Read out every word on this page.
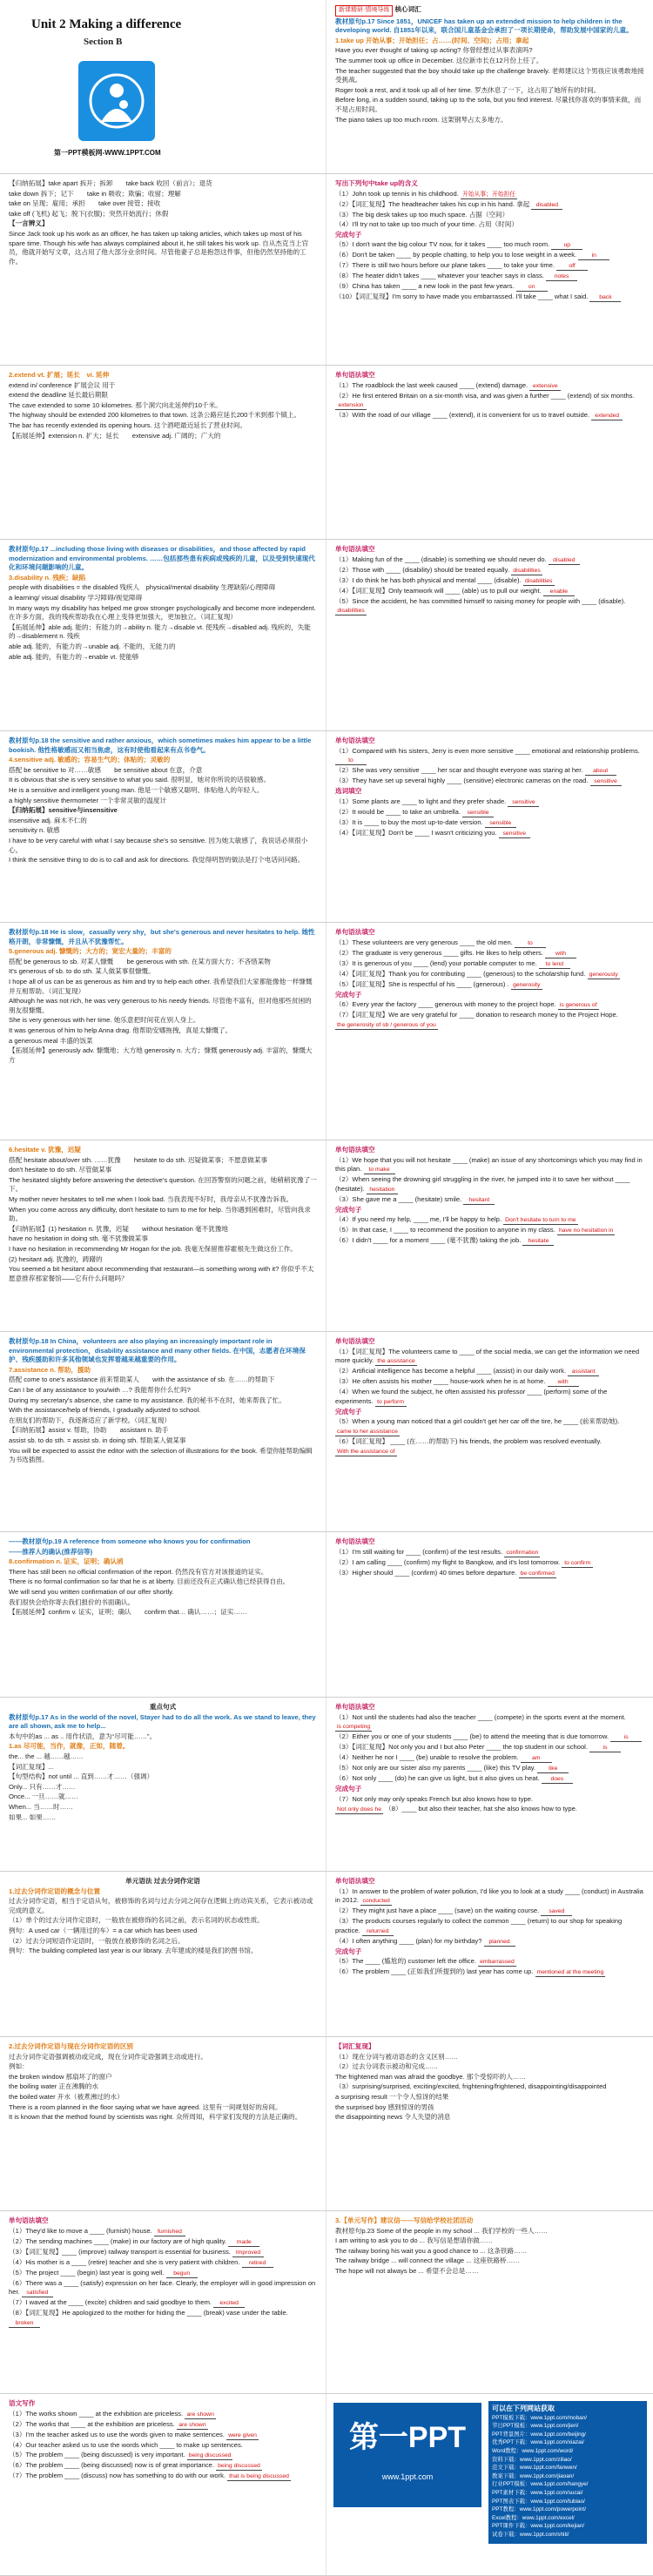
Unit 2 Making a difference
Section B
第一PPT模板网-WWW.1PPT.COM

新课精研·情境导练 核心词汇

教材原句p.17 Since 1851，UNICEF has taken up an extended mission to help children in the developing world. 自1851年以来，联合国儿童基金会承担了一项长期使命，帮助发展中国家的儿童。

1.take up 开始从事；开始担任；占……(时间、空间)；占用；拿起

Have you ever thought of taking up acting? 你曾经想过从事表演吗?

The summer took up office in December. 这位新市长在12月份上任了。

The teacher suggested that the boy should take up the challenge bravely. 老师建议这个男孩应该勇敢地接受挑战。

Roger took a rest, and it took up all of her time. 罗杰休息了一下，这占用了她所有的时间。

Before long, in a sudden sound, taking up to the sofa, but you find interest. 尽量找你喜欢的事情来做，而不是占用时间。

The piano takes up too much room. 这架钢琴占太多地方。

【归纳拓展】take apart 拆开；拆卸　　take back 收回（前言）；退货

take down 拆下；记下　　take in 吸收；欺骗；收留；理解

take on 呈现；雇用；承担　　take over 接管；接收

take off (飞机) 起飞；脱下(衣服)；突然开始流行；休假

【一言辨义】

Since Jack took up his work as an officer, he has taken up taking articles, which takes up most of his spare time. Though his wife has always complained about it, he still takes his work up. 自从杰克当上官员，他就开始写文章，这占用了他大部分业余时间。尽管他妻子总是抱怨这件事，但他仍然坚持他的工作。

写出下列句中take up的含义

（1）John took up tennis in his childhood. 开始从事；开始担任

（2）【词汇复现】The headteacher takes his cup in his hand. 拿起 disabled

（3）The big desk takes up too much space. 占据（空间）

（4）I'll try not to take up too much of your time. 占用（时间）

完成句子

（5）I don't want the big colour TV now, for it takes ____ too much room. up

（6）Don't be taken ____ by people chatting, to help you to lose weight in a week.	in

（7）There is still two hours before our plane takes ____ to take your time. off

（8）The heater didn't takes ____ whatever your teacher says in class. notes

（9）China has taken ____ a new look in the past few years. on

（10）【词汇复现】I'm sorry to have made you embarrassed. I'll take ____ what I said. back

2.extend vt. 扩展；延长　vi. 延伸

extend in/ conference 扩展会议 用于

extend the deadline 延长最后期限

The cave extended to some 10 kilometres. 那个洞穴向北延伸约10千米。

The highway should be extended 200 kilometres to that town. 这条公路应延长200千米到那个镇上。

The bar has recently extended its opening hours. 这个酒吧最近延长了营业时间。

【拓展延伸】extension n. 扩大；延长　　extensive adj. 广阔的；广大的

单句语法填空

（1）The roadblock the last week caused ____ (extend) damage. extensive

（2）He first entered Britain on a six-month visa, and was given a further ____ (extend) of six months. extension

（3）With the road of our village ____ (extend), it is convenient for us to travel outside. extended

教材原句p.17 ...including those living with diseases or disabilities，and those affected by rapid modernization and environmental problems. ……包括那些患有疾病或残疾的儿童，以及受到快速现代化和环境问题影响的儿童。

3.disability n. 残疾；缺陷

people with disabilities = the disabled 残疾人　physical/mental disability 生理缺陷/心理障碍

a learning/ visual disability 学习障碍/视觉障碍

In many ways my disability has helped me grow stronger psychologically and become more independent. 在许多方面，我的残疾帮助我在心理上变得更加强大，更加独立。（词汇复现）

【拓展延伸】able adj. 能的；有能力的→ability n. 能力→disable vt. 使残疾→disabled adj. 残疾的，失能的→disablement n. 残疾

able adj. 能的，有能力的→unable adj. 不能的，无能力的

able adj. 能的，有能力的→enable vt. 使能够

单句语法填空

（1）Making fun of the ____ (disable) is something we should never do. disabled

（2）Those with ____ (disability) should be treated equally. disabilities

（3）I do think he has both physical and mental ____ (disable). disabilities

（4）【词汇复现】Only teamwork will ____ (able) us to pull our weight. enable

（5）Since the accident, he has committed himself to raising money for people with ____ (disable). disabilities

教材原句p.18 the sensitive and rather anxious，which sometimes makes him appear to be a little bookish. 他性格敏感而又相当焦虑，这有时使他看起来有点书卷气。

4.sensitive adj. 敏感的；容易生气的；体贴的；灵敏的

搭配 be sensitive to 对……敏感　　be sensitive about 在意，介意

It is obvious that she is very sensitive to what you said. 很明显，她对你所说的话很敏感。

He is a sensitive and intelligent young man. 他是一个敏感又聪明、体贴他人的年轻人。

a highly sensitive thermometer 一个非常灵敏的温度计

【归纳拓展】sensitive与insensitive

insensitive adj. 麻木不仁的

sensitivity n. 敏感

I have to be very careful with what I say because she's so sensitive. 因为她太敏感了，我说话必须很小心。

I think the sensitive thing to do is to call and ask for directions. 我觉得明智的做法是打个电话问问路。

单句语法填空

（1）Compared with his sisters, Jerry is even more sensitive ____ emotional and relationship problems. to

（2）She was very sensitive ____ her scar and thought everyone was staring at her. about

（3）They have set up several highly ____ (sensitive) electronic cameras on the road. sensitive

选词填空

（1）Some plants are ____ to light and they prefer shade. sensitive

（2）It would be ____ to take an umbrella. sensible

（3）It is ____ to buy the most up-to-date version. sensible

（4）【词汇复现】Don't be ____ I wasn't criticizing you. sensitive

教材原句p.18 He is slow，casually very shy，but she's generous and never hesitates to help. 她性格开朗，非常慷慨，并且从不犹豫帮忙。

5.generous adj. 慷慨的；大方的；宽宏大量的；丰富的

搭配 be generous to sb. 对某人慷慨　　be generous with sth. 在某方面大方；不吝惜某物

It's generous of sb. to do sth. 某人做某事很慷慨。

I hope all of us can be as generous as him and try to help each other. 我希望我们大家都能像他一样慷慨并互相帮助。（词汇复现）

Although he was not rich, he was very generous to his needy friends. 尽管他不富有，但对他那些贫困的朋友很慷慨。

She is very generous with her time. 她乐意把时间花在别人身上。

It was generous of him to help Anna drag. 他帮助安娜拖拽，真是太慷慨了。

a generous meal 丰盛的饭菜

【拓展延伸】generously adv. 慷慨地；大方地 generosity n. 大方；慷慨 generously adj. 丰富的，慷慨大方

单句语法填空

（1）These volunteers are very generous ____ the old men.	to

（2）The graduate is very generous ____ gifts. He likes to help others. with

（3）It is generous of you ____ (lend) your portable computer to me. to lend

（4）【词汇复现】Thank you for contributing ____ (generous) to the scholarship fund. generously

（5）【词汇复现】She is respectful of his ____ (generous) . generosity

完成句子

（6）Every year the factory ____ generous with money to the project hope. is generous of

（7）【词汇复现】We are very grateful for ____ donation to research money to the Project Hope. the generosity of sb / generous of you

6.hesitate v. 犹豫，迟疑

搭配 hesitate about/over sth. ……犹豫　　hesitate to do sth. 迟疑做某事；不愿意做某事

don't hesitate to do sth. 尽管做某事

The hesitated slightly before answering the detective's question. 在回答警察的问题之前，她稍稍犹豫了一下。

My mother never hesitates to tell me when I look bad. 当我表现不好时，我母亲从不犹豫告诉我。

When you come across any difficulty, don't hesitate to turn to me for help. 当你遇到困难时，尽管向我求助。

【归纳拓展】(1) hesitation n. 犹豫，迟疑　　without hesitation 毫不犹豫地

have no hesitation in doing sth. 毫不犹豫做某事

I have no hesitation in recommending Mr Hogan for the job. 我毫无保留推荐霍根先生做这份工作。

(2) hesitant adj. 犹豫的，踌躇的

You seemed a bit hesitant about recommending that restaurant—is something wrong with it? 你似乎不太愿意推荐那家餐馆——它有什么问题吗？

单句语法填空

（1）We hope that you will not hesitate ____ (make) an issue of any shortcomings which you may find in this plan. to make

（2）When seeing the drowning girl struggling in the river, he jumped into it to save her without ____ (hesitate). hesitation

（3）She gave me a ____ (hesitate) smile. hesitant

完成句子

（4）If you need my help, ____ me, I'll be happy to help. Don't hesitate to turn to me

（5）In that case, I ____ to recommend the position to anyone in my class. have no hesitation in

（6）I didn't ____ for a moment ____ (毫不犹豫) taking the job. hesitate

教材原句p.18 In China，volunteers are also playing an increasingly important role in environmental protection，disability assistance and many other fields. 在中国，志愿者在环境保护、残疾援助和许多其他领域也发挥着越来越重要的作用。

7.assistance n. 帮助，援助

搭配 come to one's assistance 前来帮助某人　　with the assistance of sb. 在……的帮助下

Can I be of any assistance to you/with …? 我能帮你什么忙吗?

During my secretary's absence, she came to my assistance. 我的秘书不在时，她来帮我了忙。

With the assistance/help of friends, I gradually adjusted to school.

在朋友们的帮助下，我逐渐适应了新学校。（词汇复现）

【归纳拓展】assist v. 帮助，协助　　assistant n. 助手

assist sb. to do sth. = assist sb. in doing sth. 帮助某人做某事

You will be expected to assist the editor with the selection of illustrations for the book. 希望你能帮助编辑为书选插图。

单句语法填空

（1）【词汇复现】The volunteers came to ____ of the social media, we can get the information we need more quickly. the assistance

（2）Artificial intelligence has become a helpful ____ (assist) in our daily work. assistant

（3）He often assists his mother ____ house-work when he is at home. with

（4）When we found the subject, he often assisted his professor ____ (perform) some of the experiments. to perform

完成句子

（5）When a young man noticed that a girl couldn't get her car off the tire, he ____ (前来帮助她). came to her assistance

（6）【词汇复现】 ____ (在……的帮助下) his friends, the problem was resolved eventually. With the assistance of

——教材原句p.19 A reference from someone who knows you for confirmation

——推荐人的确认(推荐信等)

8.confirmation n. 证实，证明；确认函

There has still been no official confirmation of the report. 仍然没有官方对该报道的证实。

There is no formal confirmation so far that he is at liberty. 目前还没有正式确认他已经获得自由。

We will send you written confirmation of our offer shortly.

我们很快会给你寄去我们报价的书面确认。

【拓展延伸】confirm v. 证实，证明；确认　　confirm that… 确认……；证实……

单句语法填空

（1）I'm still waiting for ____ (confirm) of the test results. confirmation

（2）I am calling ____ (confirm) my flight to Bangkow, and it's lost tomorrow. to confirm

（3）Higher should ____ (confirm) 40 times before departure. be confirmed

重点句式

教材原句p.17 As in the world of the novel, Stayer had to do all the work. As we stand to leave, they are all shown, ask me to help...

本句中的as ... as .. 用作状语，意为“尽可能……”。

1.as 尽可能，当作，就像，正如，随着。

the... the ... 越……越……

【词汇复现】...

【句型结构】not until ... 直到……才……（强调）

Only... 只有……才……

Once... 一旦……就……

When... 当……时……

如果... 如果……

单句语法填空

（1）Not until the students had also the teacher ____ (compete) in the sports event at the moment. is competing

（2）Either you or one of your students ____ (be) to attend the meeting that is due tomorrow.	is

（3）【词汇复现】Not only you and I but also Peter ____ the top student in our school.	is

（4）Neither he nor I ____ (be) unable to resolve the problem. am

（5）Not only are our sister also my parents ____ (like) this TV play. like

（6）Not only ____ (do) he can give us light, but it also gives us heat. does

完成句子

（7）Not only may only speaks French but also knows how to type.

Not only does he （8）____ but also their teacher, hat she also knows how to type.

单元语法 过去分词作定语

1.过去分词作定语的概念与位置

过去分词作定语，相当于定语从句，被修饰的名词与过去分词之间存在逻辑上的动宾关系，它表示被动或完成的意义。

（1）单个的过去分词作定语时，一般放在被修饰的名词之前，表示名词的状态或性质。

例句：A used car（一辆用过的车）= a car which has been used

（2）过去分词短语作定语时，一般放在被修饰的名词之后。

例句：The building completed last year is our library. 去年建成的楼是我们的图书馆。

单句语法填空

（1）In answer to the problem of water pollution, I'd like you to look at a study ____ (conduct) in Australia in 2012. conducted

（2）They might just have a place ____ (save) on the waiting course. saved

（3）The products courses regularly to collect the common ____ (return) to our shop for speaking practice. returned

（4）I often anything ____ (plan) for my birthday? planned

完成句子

（5）The ____ (尴尬的) customer left the office. embarrassed

（6）The problem ____ (正如我们所提到的) last year has come up. mentioned at the meeting

2.过去分词作定语与现在分词作定语的区别

过去分词作定语强调被动或完成，现在分词作定语强调主动或进行。

例如：

the broken window 那扇坏了的窗户

the boiling water 正在沸腾的水

the boiled water 开水（被煮沸过的水）

There is a room planned in the floor saying what we have agreed. 这里有一间规划好的房间。

It is known that the method found by scientists was right. 众所周知，科学家们发现的方法是正确的。

【词汇复现】

（1）现在分词与被动语态的含义区别……

（2）过去分词表示被动和完成……

The frightened man was afraid the goodbye. 那个受惊吓的人……

（3）surprising/surprised, exciting/excited, frightening/frightened, disappointing/disappointed

a surprising result 一个令人惊讶的结果

the surprised boy 感到惊讶的男孩

the disappointing news 令人失望的消息

单句语法填空

（1）They'd like to move a ____ (furnish) house. furnished

（2）The sending machines ____ (make) in our factory are of high quality. made

（3）【词汇复现】____ (improve) railway transport is essential for business. Improved

（4）His mother is a ____ (retire) teacher and she is very patient with children. retired

（5）The project ____ (begin) last year is going well. begun

（6）There was a ____ (satisfy) expression on her face. Clearly, the employer will in good impression on her. satisfied

（7）I waved at the ____ (excite) children and said goodbye to them. excited

（8）【词汇复现】He apologized to the mother for hiding the ____ (break) vase under the table. broken

3.【单元写作】建议信——写信给学校社团活动

教材原句p.23 Some of the people in my school ... 我们学校的一些人……

I am writing to ask you to do ... 我写信是想请你做……

The railway boring his wait you a good chance to ... 这条铁路……

The railway bridge ... will connect the village ... 这座铁路桥……

The hope will not always be ... 希望不会总是……

语文写作

（1）The works shown ____ at the exhibition are priceless. are shown

（2）The works that ____ at the exhibition are priceless. are shown

（3）I'm the teacher asked us to use the words given to make sentences. were given

（4）Our teacher asked us to use the words which ____ to make up sentences.

（5）The problem ____ (being discussed) is very important. being discussed

（6）The problem ____ (being discussed) now is of great importance. being discussed

（7）The problem ____ (discuss) now has something to do with our work. that is being discussed

第一PPT
www.1ppt.com

可以在下列网站获取

PPT模板下载：www.1ppt.com/moban/

节日PPT模板：www.1ppt.com/jieri/

PPT背景图片：www.1ppt.com/beijing/

优秀PPT下载：www.1ppt.com/xiazai/

Word教程：www.1ppt.com/word/

资料下载：www.1ppt.com/ziliao/

范文下载：www.1ppt.com/fanwen/

教案下载：www.1ppt.com/jiaoan/

行业PPT模板：www.1ppt.com/hangye/

PPT素材下载：www.1ppt.com/sucai/

PPT图表下载：www.1ppt.com/tubiao/

PPT教程：www.1ppt.com/powerpoint/

Excel教程：www.1ppt.com/excel/

PPT课件下载：www.1ppt.com/kejian/

试卷下载：www.1ppt.com/shiti/
